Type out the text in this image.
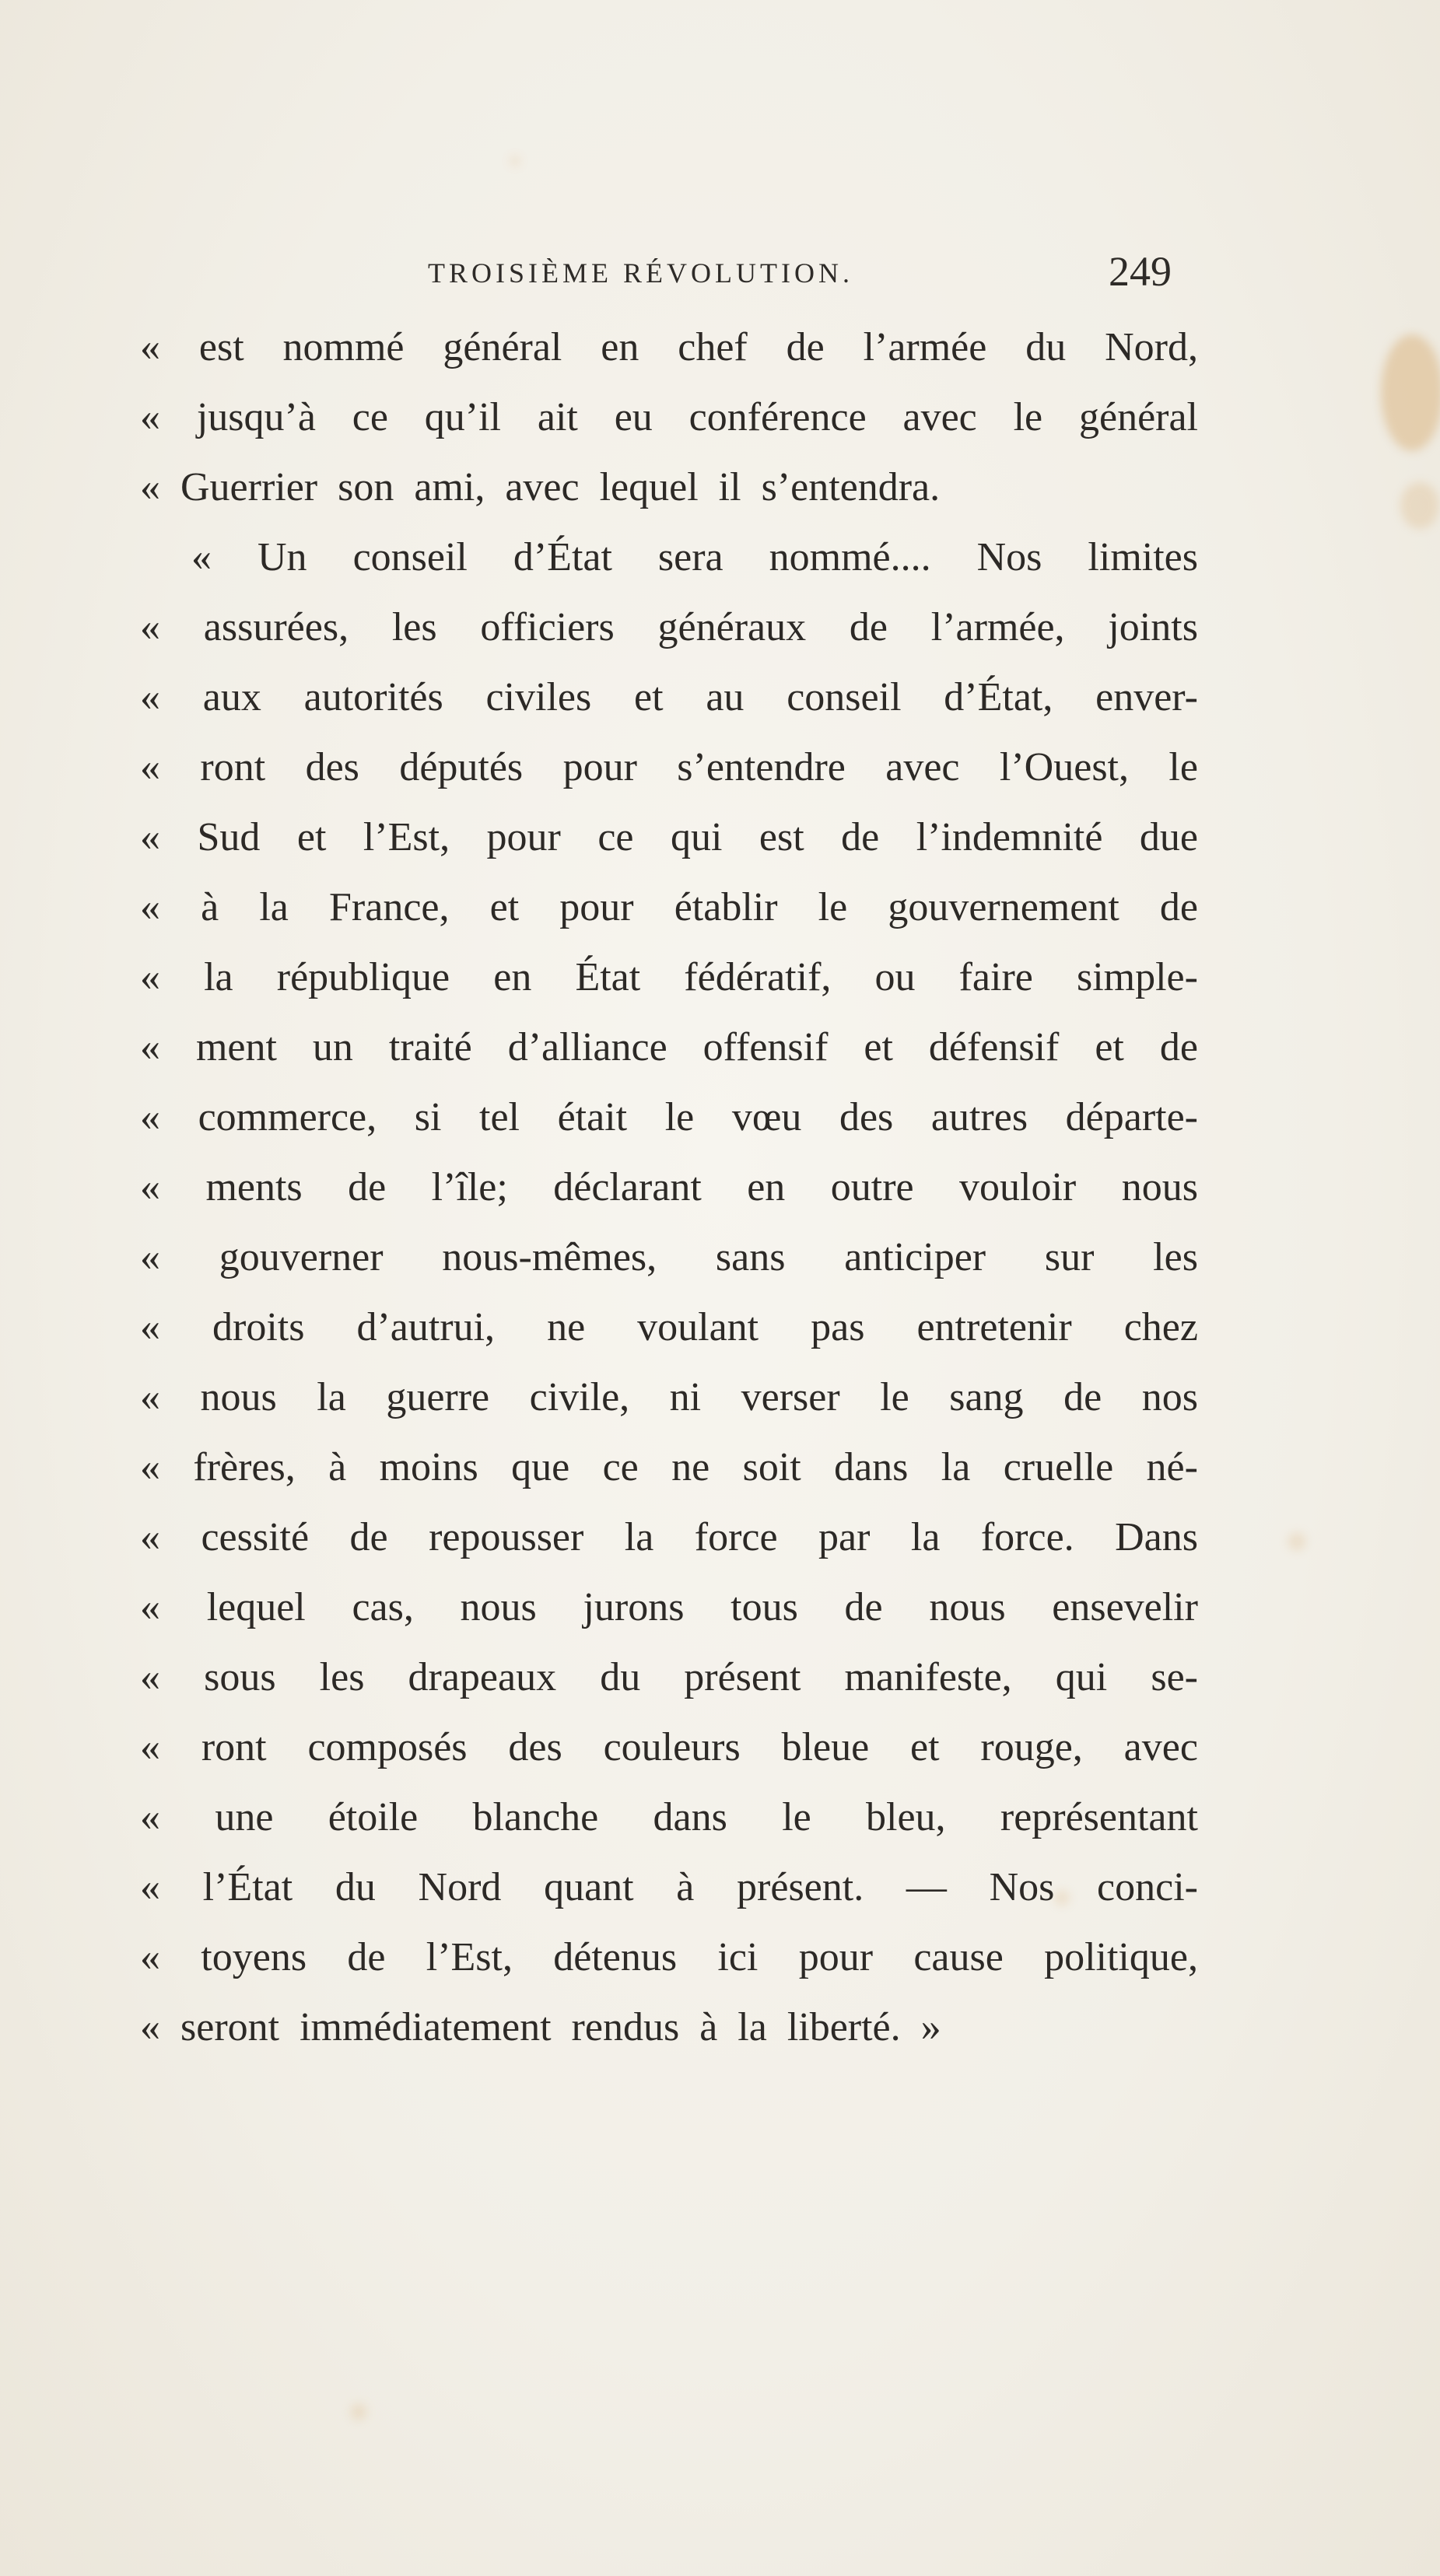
TROISIÈME RÉVOLUTION.	249
« est nommé général en chef de l’armée du Nord,
« jusqu’à ce qu’il ait eu conférence avec le général
« Guerrier son ami, avec lequel il s’entendra.
« Un conseil d’État sera nommé.... Nos limites
« assurées, les officiers généraux de l’armée, joints
« aux autorités civiles et au conseil d’État, enver-
« ront des députés pour s’entendre avec l’Ouest, le
« Sud et l’Est, pour ce qui est de l’indemnité due
« à la France, et pour établir le gouvernement de
« la république en État fédératif, ou faire simple-
« ment un traité d’alliance offensif et défensif et de
« commerce, si tel était le vœu des autres départe-
« ments de l’île; déclarant en outre vouloir nous
« gouverner nous-mêmes, sans anticiper sur les
« droits d’autrui, ne voulant pas entretenir chez
« nous la guerre civile, ni verser le sang de nos
« frères, à moins que ce ne soit dans la cruelle né-
« cessité de repousser la force par la force. Dans
« lequel cas, nous jurons tous de nous ensevelir
« sous les drapeaux du présent manifeste, qui se-
« ront composés des couleurs bleue et rouge, avec
« une étoile blanche dans le bleu, représentant
« l’État du Nord quant à présent. — Nos conci-
« toyens de l’Est, détenus ici pour cause politique,
« seront immédiatement rendus à la liberté. »
